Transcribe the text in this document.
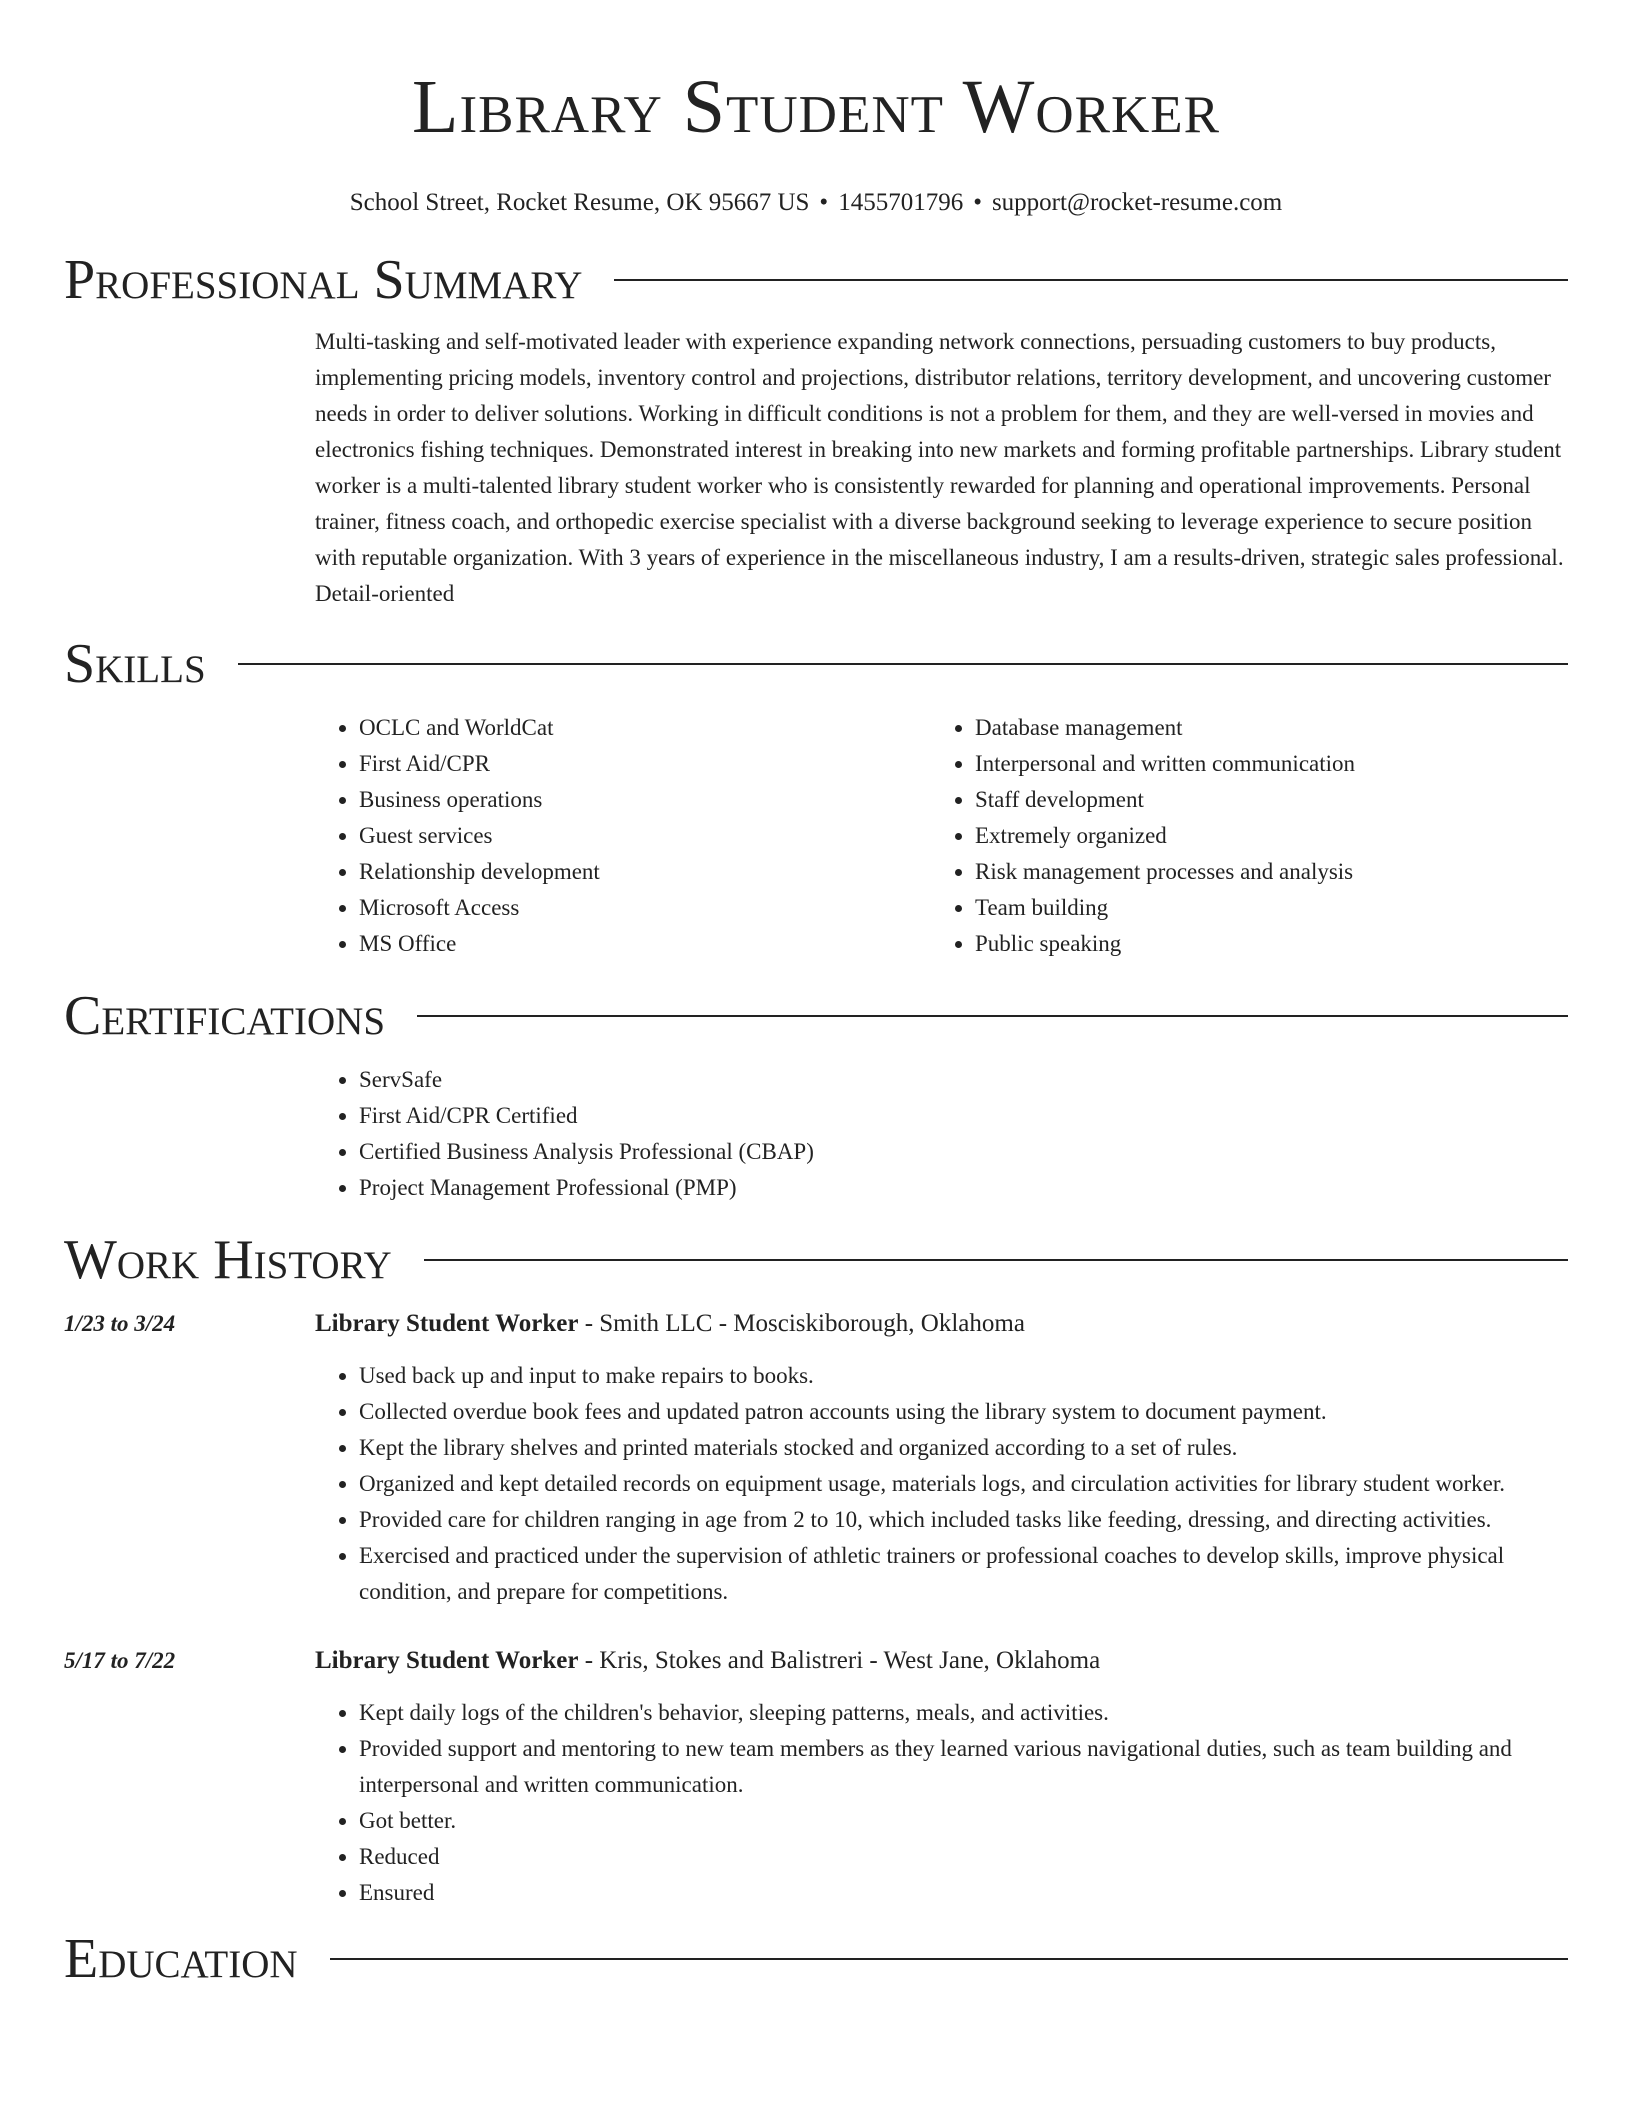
Library Student Worker
School Street, Rocket Resume, OK 95667 US • 1455701796 • support@rocket-resume.com
Professional Summary

Multi-tasking and self-motivated leader with experience expanding network connections, persuading customers to buy products, implementing pricing models, inventory control and projections, distributor relations, territory development, and uncovering customer needs in order to deliver solutions. Working in difficult conditions is not a problem for them, and they are well-versed in movies and electronics fishing techniques. Demonstrated interest in breaking into new markets and forming profitable partnerships. Library student worker is a multi-talented library student worker who is consistently rewarded for planning and operational improvements. Personal trainer, fitness coach, and orthopedic exercise specialist with a diverse background seeking to leverage experience to secure position with reputable organization. With 3 years of experience in the miscellaneous industry, I am a results-driven, strategic sales professional. Detail-oriented

Skills
• OCLC and WorldCat
• First Aid/CPR
• Business operations
• Guest services
• Relationship development
• Microsoft Access
• MS Office
• Database management
• Interpersonal and written communication
• Staff development
• Extremely organized
• Risk management processes and analysis
• Team building
• Public speaking
Certifications
• ServSafe
• First Aid/CPR Certified
• Certified Business Analysis Professional (CBAP)
• Project Management Professional (PMP)
Work History
1/23 to 3/24	Library Student Worker - Smith LLC - Mosciskiborough, Oklahoma
• Used back up and input to make repairs to books.
• Collected overdue book fees and updated patron accounts using the library system to document payment.
• Kept the library shelves and printed materials stocked and organized according to a set of rules.
• Organized and kept detailed records on equipment usage, materials logs, and circulation activities for library student worker.
• Provided care for children ranging in age from 2 to 10, which included tasks like feeding, dressing, and directing activities.
• Exercised and practiced under the supervision of athletic trainers or professional coaches to develop skills, improve physical condition, and prepare for competitions.
5/17 to 7/22	Library Student Worker - Kris, Stokes and Balistreri - West Jane, Oklahoma
• Kept daily logs of the children's behavior, sleeping patterns, meals, and activities.
• Provided support and mentoring to new team members as they learned various navigational duties, such as team building and interpersonal and written communication.
• Got better.
• Reduced
• Ensured
Education
